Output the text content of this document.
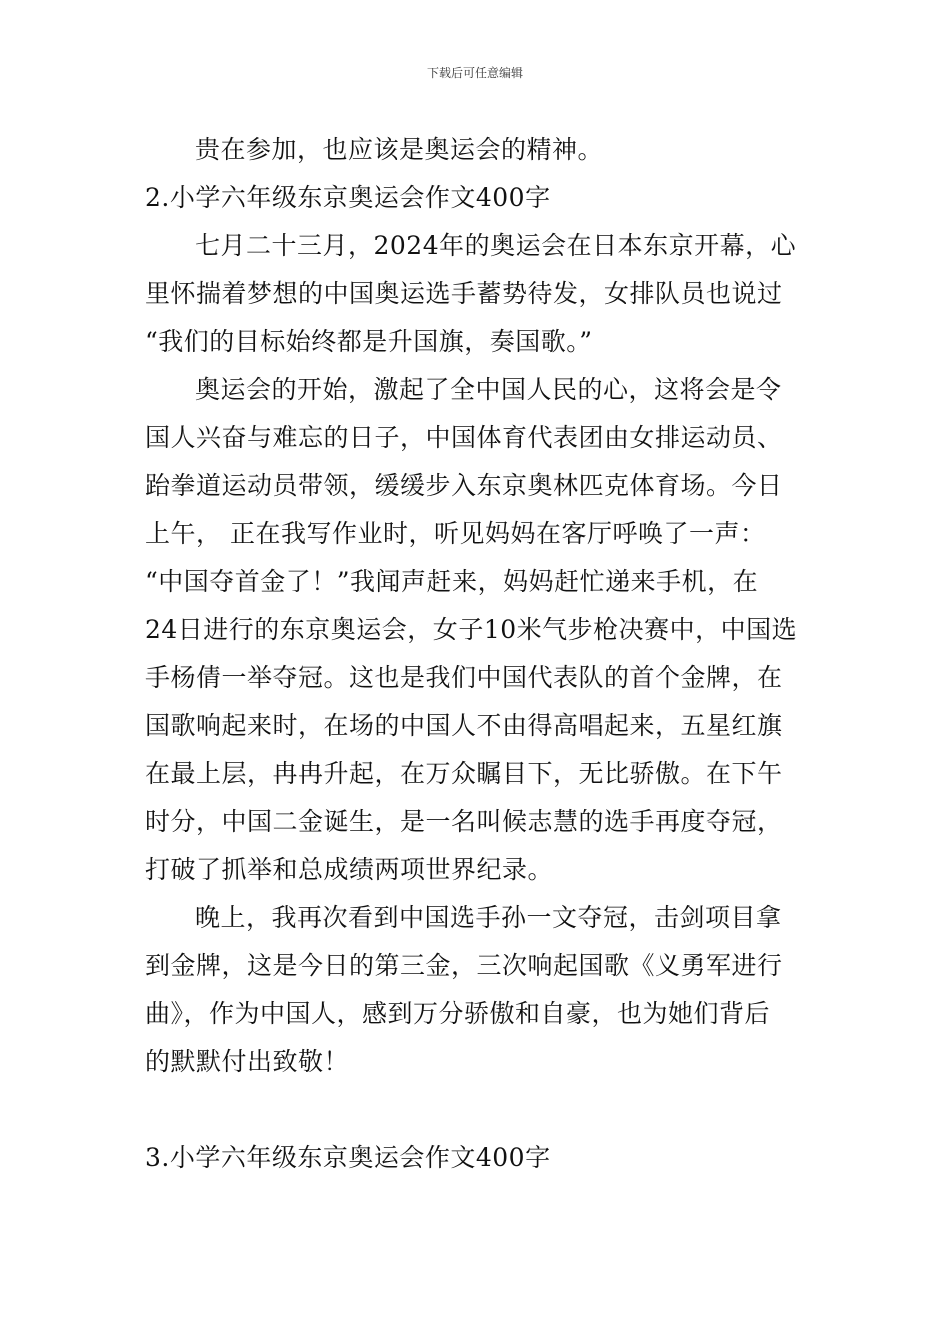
下载后可任意编辑
贵在参加，也应该是奥运会的精神。
2.小学六年级东京奥运会作文400字
七月二十三月，2024年的奥运会在日本东京开幕，心
里怀揣着梦想的中国奥运选手蓄势待发，女排队员也说过
“我们的目标始终都是升国旗，奏国歌。”
奥运会的开始，激起了全中国人民的心，这将会是令
国人兴奋与难忘的日子，中国体育代表团由女排运动员、
跆拳道运动员带领，缓缓步入东京奥林匹克体育场。今日
上午， 正在我写作业时，听见妈妈在客厅呼唤了一声：
“中国夺首金了！”我闻声赶来，妈妈赶忙递来手机，在
24日进行的东京奥运会，女子10米气步枪决赛中，中国选
手杨倩一举夺冠。这也是我们中国代表队的首个金牌，在
国歌响起来时，在场的中国人不由得高唱起来，五星红旗
在最上层，冉冉升起，在万众瞩目下，无比骄傲。在下午
时分，中国二金诞生，是一名叫候志慧的选手再度夺冠，
打破了抓举和总成绩两项世界纪录。
晚上，我再次看到中国选手孙一文夺冠，击剑项目拿
到金牌，这是今日的第三金，三次响起国歌《义勇军进行
曲》，作为中国人，感到万分骄傲和自豪，也为她们背后
的默默付出致敬！
3.小学六年级东京奥运会作文400字
